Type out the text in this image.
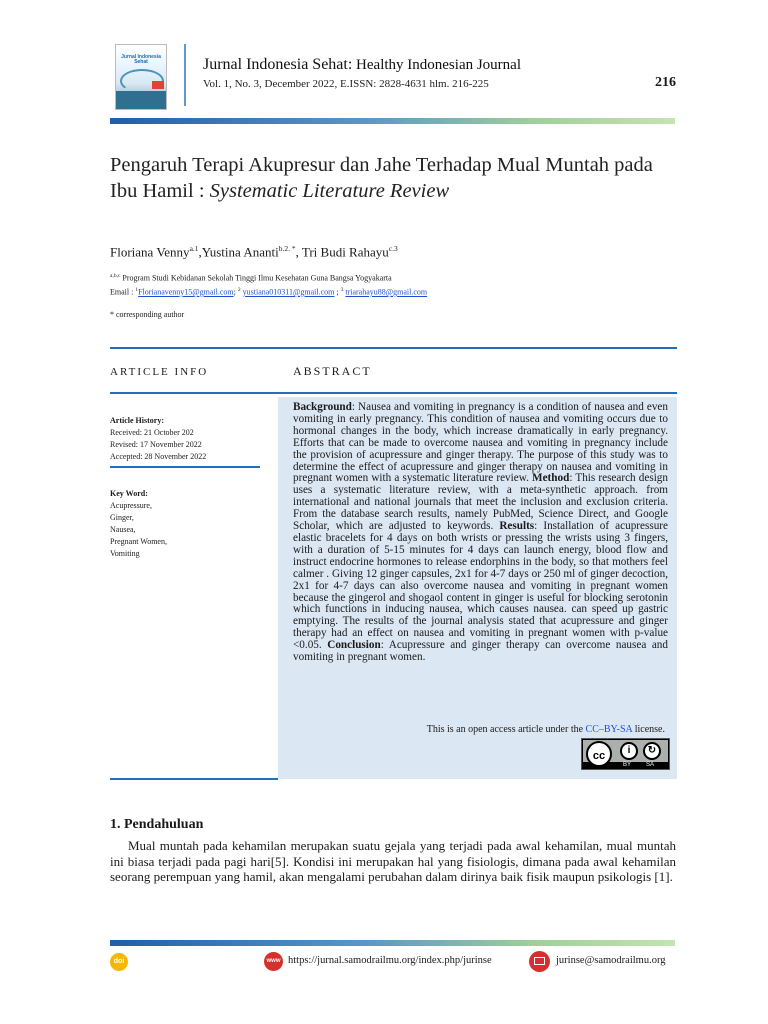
Jurnal Indonesia Sehat	Jurnal Indonesia Sehat: Healthy Indonesian Journal
Vol. 1, No. 3, December 2022, E.ISSN: 2828-4631 hlm. 216-225	216
Pengaruh Terapi Akupresur dan Jahe Terhadap Mual Muntah pada Ibu Hamil : Systematic Literature Review
Floriana Venny$^{a.1}$,Yustina Ananti$^{b.2. *}$, Tri Budi Rahayu$^{c.3}$
$^{a,b,c}$ Program Studi Kebidanan Sekolah Tinggi Ilmu Kesehatan Guna Bangsa Yogyakarta
Email : $^1$Florianavenny15@gmail.com; $^2$ yustiana010311@gmail.com ; $^3$ triarahayu88@gmail.com
* corresponding author
ARTICLE INFO	ABSTRACT
Article History:
Received: 21 October 202
Revised: 17 November 2022
Accepted: 28 November 2022
Key Word:
Acupressure,
Ginger,
Nausea,
Pregnant Women,
Vomiting
Background: Nausea and vomiting in pregnancy is a condition of nausea and even vomiting in early pregnancy. This condition of nausea and vomiting occurs due to hormonal changes in the body, which increase dramatically in early pregnancy. Efforts that can be made to overcome nausea and vomiting in pregnancy include the provision of acupressure and ginger therapy. The purpose of this study was to determine the effect of acupressure and ginger therapy on nausea and vomiting in pregnant women with a systematic literature review. Method: This research design uses a systematic literature review, with a meta-synthetic approach. from international and national journals that meet the inclusion and exclusion criteria. From the database search results, namely PubMed, Science Direct, and Google Scholar, which are adjusted to keywords. Results: Installation of acupressure elastic bracelets for 4 days on both wrists or pressing the wrists using 3 fingers, with a duration of 5-15 minutes for 4 days can launch energy, blood flow and instruct endocrine hormones to release endorphins in the body, so that mothers feel calmer . Giving 12 ginger capsules, 2x1 for 4-7 days or 250 ml of ginger decoction, 2x1 for 4-7 days can also overcome nausea and vomiting in pregnant women because the gingerol and shogaol content in ginger is useful for blocking serotonin which functions in inducing nausea, which causes nausea. can speed up gastric emptying. The results of the journal analysis stated that acupressure and ginger therapy had an effect on nausea and vomiting in pregnant women with p-value <0.05. Conclusion: Acupressure and ginger therapy can overcome nausea and vomiting in pregnant women.
This is an open access article under the CC–BY-SA license.
cc	i	↻
BY SA
1. Pendahuluan
Mual muntah pada kehamilan merupakan suatu gejala yang terjadi pada awal kehamilan, mual muntah ini biasa terjadi pada pagi hari[5]. Kondisi ini merupakan hal yang fisiologis, dimana pada awal kehamilan seorang perempuan yang hamil, akan mengalami perubahan dalam dirinya baik fisik maupun psikologis [1].
doi	www https://jurnal.samodrailmu.org/index.php/jurinse	jurinse@samodrailmu.org
